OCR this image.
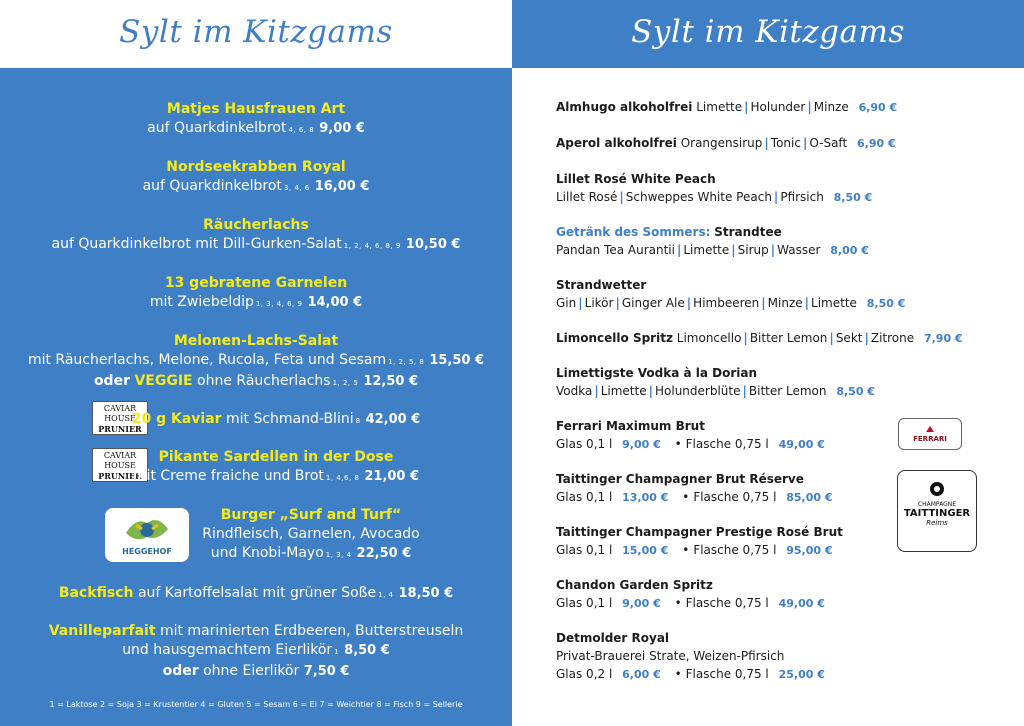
Sylt im Kitzgams	Sylt im Kitzgams
Matjes Hausfrauen Art
auf Quarkdinkelbrot 4, 6, 8 9,00 €
Nordseekrabben Royal
auf Quarkdinkelbrot 3, 4, 6 16,00 €
Räucherlachs
auf Quarkdinkelbrot mit Dill-Gurken-Salat 1, 2, 4, 6, 8, 9 10,50 €
13 gebratene Garnelen
mit Zwiebeldip 1, 3, 4, 6, 9 14,00 €
Melonen-Lachs-Salat
mit Räucherlachs, Melone, Rucola, Feta und Sesam 1, 2, 5, 8 15,50 €
oder VEGGIE ohne Räucherlachs 1, 2, 5 12,50 €
CAVIAR
HOUSE
PRUNIER
20 g Kaviar mit Schmand-Blini 8 42,00 €
CAVIAR
HOUSE
PRUNIER
Pikante Sardellen in der Dose
mit Creme fraiche und Brot 1, 4,6, 8 21,00 €
HEGGEHOF
Burger „Surf and Turf“
Rindfleisch, Garnelen, Avocado
und Knobi-Mayo 1, 3, 4 22,50 €
Backfisch auf Kartoffelsalat mit grüner Soße 1, 4 18,50 €
Vanilleparfait mit marinierten Erdbeeren, Butterstreuseln
und hausgemachtem Eierlikör 1 8,50 €
oder ohne Eierlikör 7,50 €
1 = Laktose 2 = Soja 3 = Krustentier 4 = Gluten 5 = Sesam 6 = Ei 7 = Weichtier 8 = Fisch 9 = Sellerie
Almhugo alkoholfrei Limette | Holunder | Minze 6,90 €
Aperol alkoholfrei Orangensirup | Tonic | O-Saft 6,90 €
Lillet Rosé White Peach
Lillet Rosé | Schweppes White Peach | Pfirsich 8,50 €
Getränk des Sommers: Strandtee
Pandan Tea Aurantii | Limette | Sirup | Wasser 8,00 €
Strandwetter
Gin | Likör | Ginger Ale | Himbeeren | Minze | Limette 8,50 €
Limoncello Spritz Limoncello | Bitter Lemon | Sekt | Zitrone 7,90 €
Limettigste Vodka à la Dorian
Vodka | Limette | Holunderblüte | Bitter Lemon 8,50 €
Ferrari Maximum Brut
Glas 0,1 l 9,00 € • Flasche 0,75 l 49,00 €
Taittinger Champagner Brut Réserve
Glas 0,1 l 13,00 € • Flasche 0,75 l 85,00 €
Taittinger Champagner Prestige Rosé Brut
Glas 0,1 l 15,00 € • Flasche 0,75 l 95,00 €
Chandon Garden Spritz
Glas 0,1 l 9,00 € • Flasche 0,75 l 49,00 €
Detmolder Royal
Privat-Brauerei Strate, Weizen-Pfirsich
Glas 0,2 l 6,00 € • Flasche 0,75 l 25,00 €
FERRARI
CHAMPAGNE
TAITTINGER
Reims
